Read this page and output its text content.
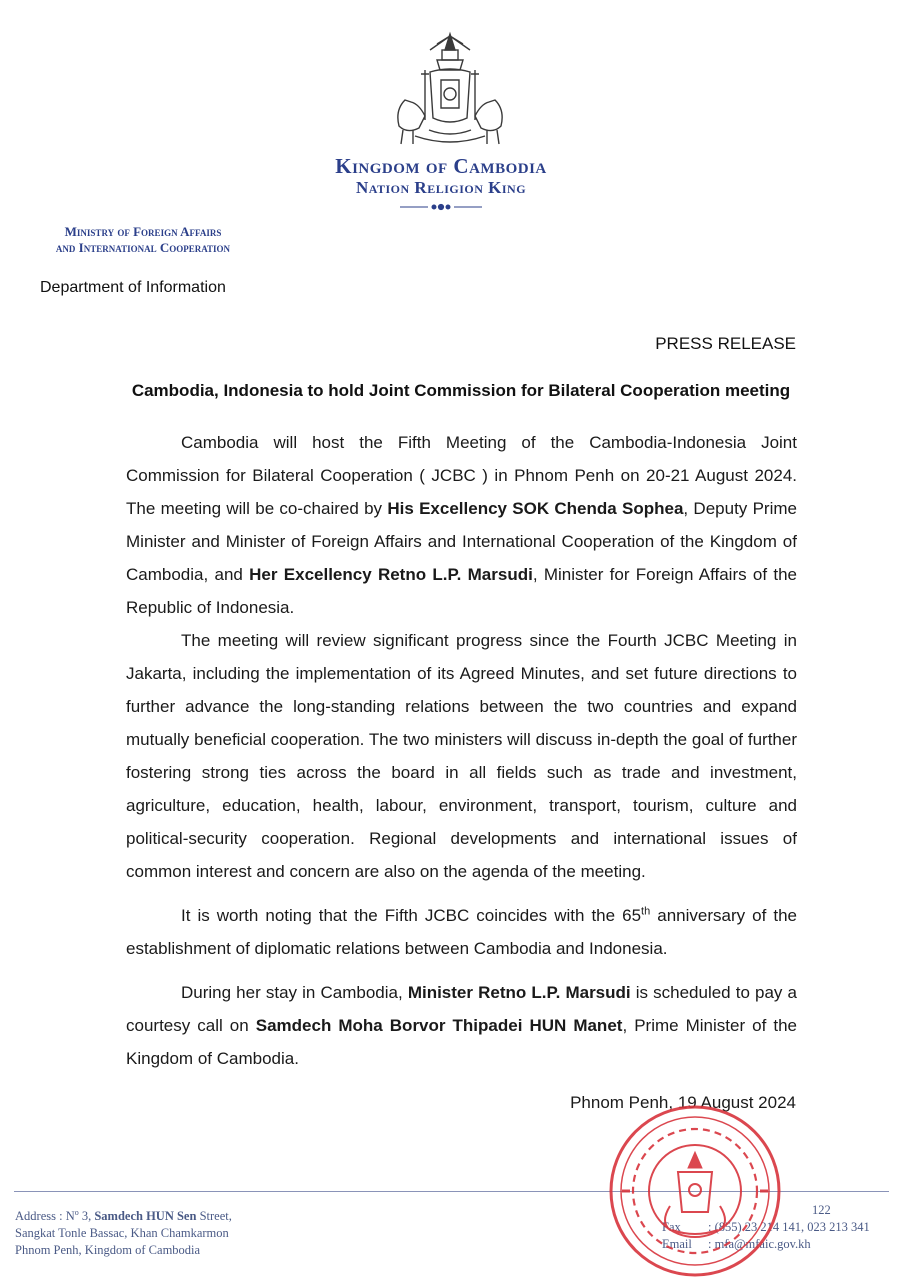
Kingdom of Cambodia
Nation Religion King
Ministry of Foreign Affairs
and International Cooperation
Department of Information
PRESS RELEASE
Cambodia, Indonesia to hold Joint Commission for Bilateral Cooperation meeting

Cambodia will host the Fifth Meeting of the Cambodia-Indonesia Joint Commission for Bilateral Cooperation ( JCBC ) in Phnom Penh on 20-21 August 2024. The meeting will be co-chaired by His Excellency SOK Chenda Sophea, Deputy Prime Minister and Minister of Foreign Affairs and International Cooperation of the Kingdom of Cambodia, and Her Excellency Retno L.P. Marsudi, Minister for Foreign Affairs of the Republic of Indonesia.

The meeting will review significant progress since the Fourth JCBC Meeting in Jakarta, including the implementation of its Agreed Minutes, and set future directions to further advance the long-standing relations between the two countries and expand mutually beneficial cooperation. The two ministers will discuss in-depth the goal of further fostering strong ties across the board in all fields such as trade and investment, agriculture, education, health, labour, environment, transport, tourism, culture and political-security cooperation. Regional developments and international issues of common interest and concern are also on the agenda of the meeting.

It is worth noting that the Fifth JCBC coincides with the 65th anniversary of the establishment of diplomatic relations between Cambodia and Indonesia.

During her stay in Cambodia, Minister Retno L.P. Marsudi is scheduled to pay a courtesy call on Samdech Moha Borvor Thipadei HUN Manet, Prime Minister of the Kingdom of Cambodia.

Phnom Penh, 19 August 2024
Address : $N^o$ 3, Samdech HUN Sen Street,
Sangkat Tonle Bassac, Khan Chamkarmon
Phnom Penh, Kingdom of Cambodia
122
Fax : (855) 23 214 141, 023 213 341
Email : mfa@mfaic.gov.kh
